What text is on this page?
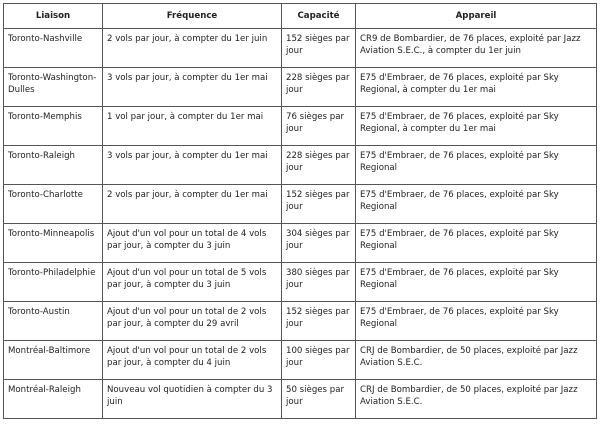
Liaison	Fréquence	Capacité	Appareil
Toronto-Nashville	2 vols par jour, à compter du 1er juin	152 sièges par jour	CR9 de Bombardier, de 76 places, exploité par Jazz Aviation S.E.C., à compter du 1er juin
Toronto-Washington-Dulles	3 vols par jour, à compter du 1er mai	228 sièges par jour	E75 d'Embraer, de 76 places, exploité par Sky Regional, à compter du 1er mai
Toronto-Memphis	1 vol par jour, à compter du 1er mai	76 sièges par jour	E75 d'Embraer, de 76 places, exploité par Sky Regional, à compter du 1er mai
Toronto-Raleigh	3 vols par jour, à compter du 1er mai	228 sièges par jour	E75 d'Embraer, de 76 places, exploité par Sky Regional
Toronto-Charlotte	2 vols par jour, à compter du 1er mai	152 sièges par jour	E75 d'Embraer, de 76 places, exploité par Sky Regional
Toronto-Minneapolis	Ajout d'un vol pour un total de 4 vols par jour, à compter du 3 juin	304 sièges par jour	E75 d'Embraer, de 76 places, exploité par Sky Regional
Toronto-Philadelphie	Ajout d'un vol pour un total de 5 vols par jour, à compter du 3 juin	380 sièges par jour	E75 d'Embraer, de 76 places, exploité par Sky Regional
Toronto-Austin	Ajout d'un vol pour un total de 2 vols par jour, à compter du 29 avril	152 sièges par jour	E75 d'Embraer, de 76 places, exploité par Sky Regional
Montréal-Baltimore	Ajout d'un vol pour un total de 2 vols par jour, à compter du 4 juin	100 sièges par jour	CRJ de Bombardier, de 50 places, exploité par Jazz Aviation S.E.C.
Montréal-Raleigh	Nouveau vol quotidien à compter du 3 juin	50 sièges par jour	CRJ de Bombardier, de 50 places, exploité par Jazz Aviation S.E.C.
